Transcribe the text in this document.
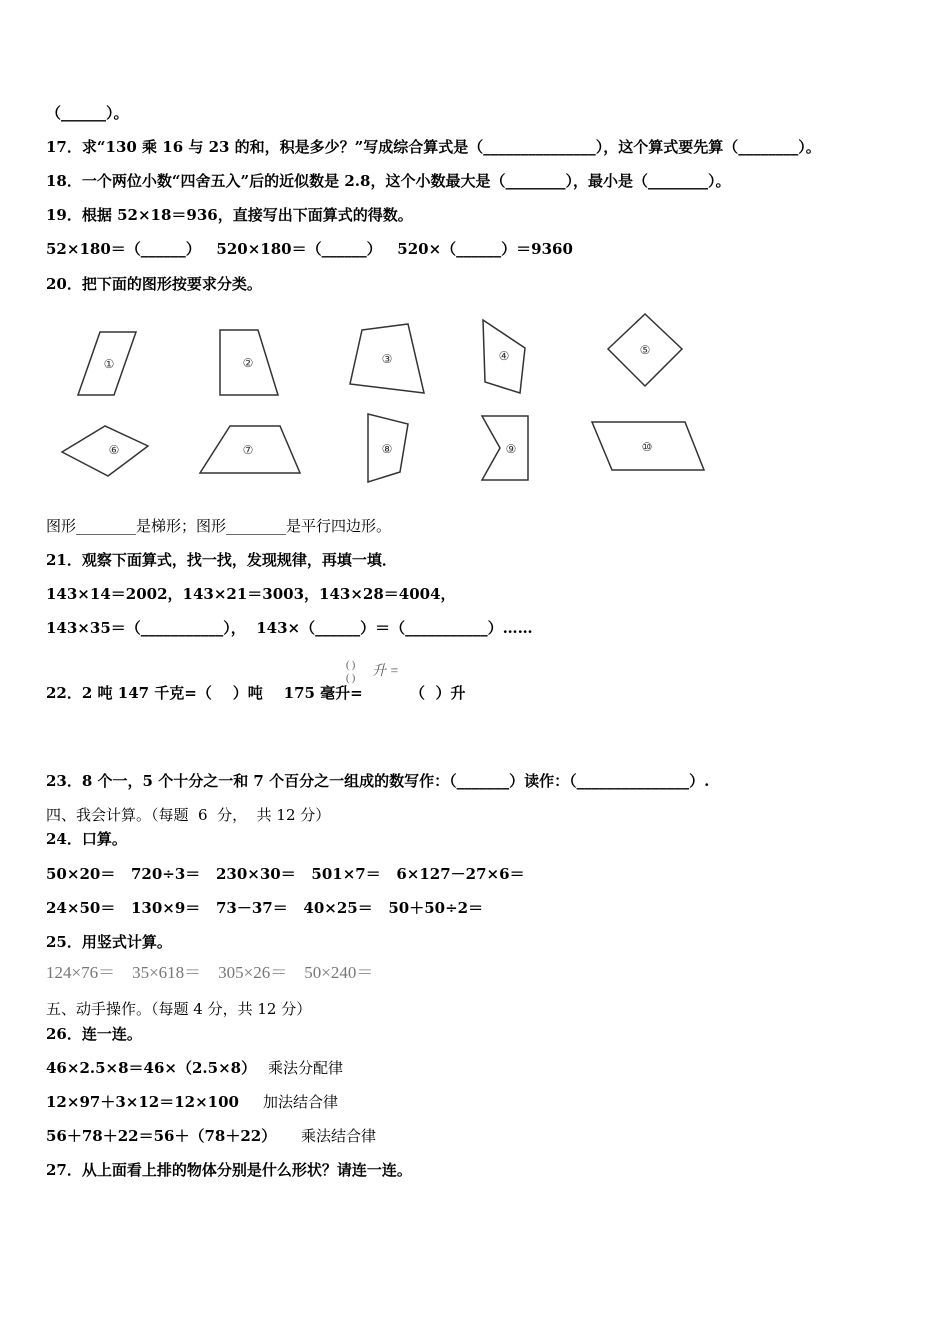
（______）。
17．求“130 乘 16 与 23 的和，积是多少？”写成综合算式是（_______________），这个算式要先算（________）。
18．一个两位小数“四舍五入”后的近似数是 2.8，这个小数最大是（________），最小是（________）。
19．根据 52×18＝936，直接写出下面算式的得数。
52×180＝（______）   520×180＝（______）   520×（______）＝9360
20．把下面的图形按要求分类。
①	②	③	④	⑤
⑥	⑦	⑧	⑨	⑩
图形________是梯形；图形________是平行四边形。
21．观察下面算式，找一找，发现规律，再填一填．
143×14＝2002，143×21＝3003，143×28＝4004，
143×35＝（___________），  143×（______）＝（___________）……
22．2 吨 147 千克=（    ）吨    175 毫升=
( )
( ) 升 =
（  ）升
23．8 个一，5 个十分之一和 7 个百分之一组成的数写作：（_______）读作：（_______________）.
四、我会计算。（每题  6  分，  共 12 分）
24．口算。
50×20＝   720÷3＝   230×30＝   501×7＝   6×127－27×6＝
24×50＝   130×9＝   73－37＝   40×25＝   50＋50÷2＝
25．用竖式计算。
124×76＝    35×618＝    305×26＝    50×240＝
五、动手操作。（每题 4 分，共 12 分）
26．连一连。
46×2.5×8＝46×（2.5×8） 乘法分配律
12×97＋3×12＝12×100 加法结合律
56＋78＋22＝56＋（78＋22） 乘法结合律
27．从上面看上排的物体分别是什么形状？请连一连。
